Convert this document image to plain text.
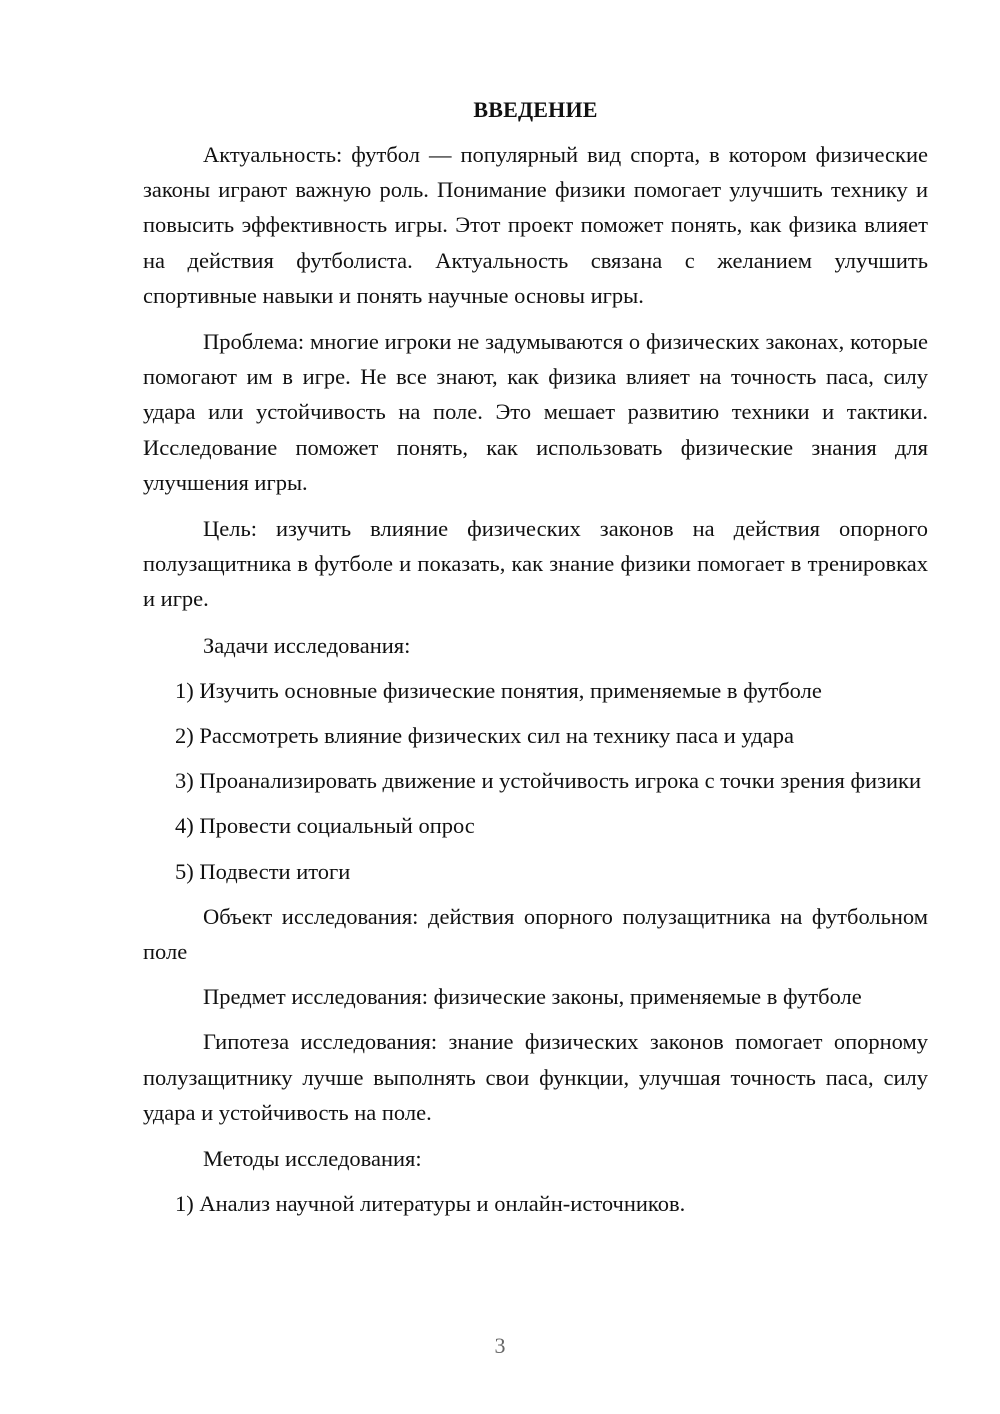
ВВЕДЕНИЕ

Актуальность: футбол — популярный вид спорта, в котором физические законы играют важную роль. Понимание физики помогает улучшить технику и повысить эффективность игры. Этот проект поможет понять, как физика влияет на действия футболиста. Актуальность связана с желанием улучшить спортивные навыки и понять научные основы игры.

Проблема: многие игроки не задумываются о физических законах, которые помогают им в игре. Не все знают, как физика влияет на точность паса, силу удара или устойчивость на поле. Это мешает развитию техники и тактики. Исследование поможет понять, как использовать физические знания для улучшения игры.

Цель: изучить влияние физических законов на действия опорного полузащитника в футболе и показать, как знание физики помогает в тренировках и игре.

Задачи исследования:

1) Изучить основные физические понятия, применяемые в футболе

2) Рассмотреть влияние физических сил на технику паса и удара

3) Проанализировать движение и устойчивость игрока с точки зрения физики

4) Провести социальный опрос

5) Подвести итоги

Объект исследования: действия опорного полузащитника на футбольном поле

Предмет исследования: физические законы, применяемые в футболе

Гипотеза исследования: знание физических законов помогает опорному полузащитнику лучше выполнять свои функции, улучшая точность паса, силу удара и устойчивость на поле.

Методы исследования:

1) Анализ научной литературы и онлайн-источников.

3
